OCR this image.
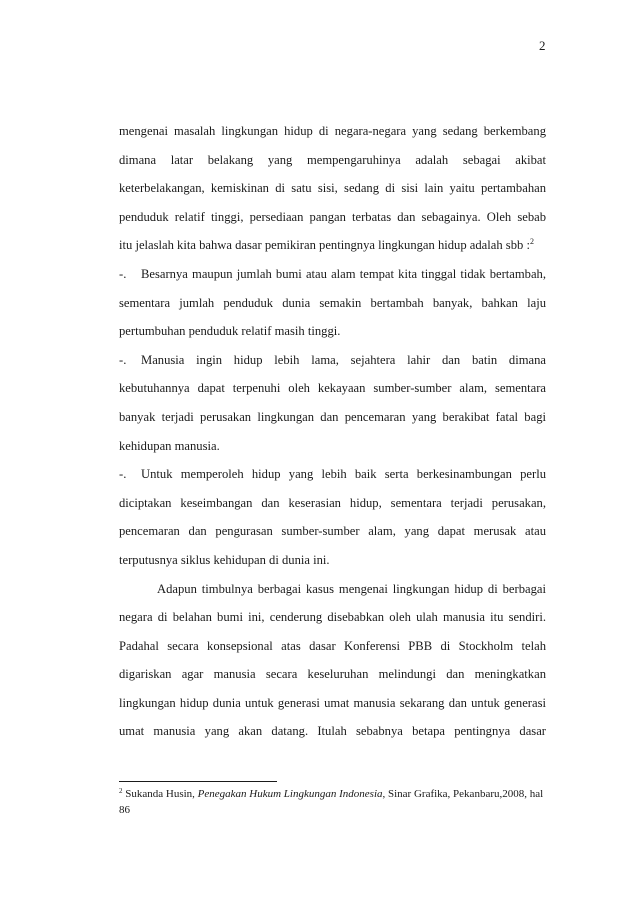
2
mengenai masalah lingkungan hidup di negara-negara yang sedang berkembang
dimana latar belakang yang mempengaruhinya adalah sebagai akibat
keterbelakangan, kemiskinan di satu sisi, sedang di sisi lain yaitu pertambahan
penduduk relatif tinggi, persediaan pangan terbatas dan sebagainya. Oleh sebab
itu jelaslah kita bahwa dasar pemikiran pentingnya lingkungan hidup adalah sbb :$^2$
-. Besarnya maupun jumlah bumi atau alam tempat kita tinggal tidak bertambah,
sementara jumlah penduduk dunia semakin bertambah banyak, bahkan laju
pertumbuhan penduduk relatif masih tinggi.
-. Manusia ingin hidup lebih lama, sejahtera lahir dan batin dimana
kebutuhannya dapat terpenuhi oleh kekayaan sumber-sumber alam, sementara
banyak terjadi perusakan lingkungan dan pencemaran yang berakibat fatal bagi
kehidupan manusia.
-. Untuk memperoleh hidup yang lebih baik serta berkesinambungan perlu
diciptakan keseimbangan dan keserasian hidup, sementara terjadi perusakan,
pencemaran dan pengurasan sumber-sumber alam, yang dapat merusak atau
terputusnya siklus kehidupan di dunia ini.
Adapun timbulnya berbagai kasus mengenai lingkungan hidup di berbagai
negara di belahan bumi ini, cenderung disebabkan oleh ulah manusia itu sendiri.
Padahal secara konsepsional atas dasar Konferensi PBB di Stockholm telah
digariskan agar manusia secara keseluruhan melindungi dan meningkatkan
lingkungan hidup dunia untuk generasi umat manusia sekarang dan untuk generasi
umat manusia yang akan datang. Itulah sebabnya betapa pentingnya dasar
$^2$ Sukanda Husin, Penegakan Hukum Lingkungan Indonesia, Sinar Grafika, Pekanbaru,2008, hal
86
